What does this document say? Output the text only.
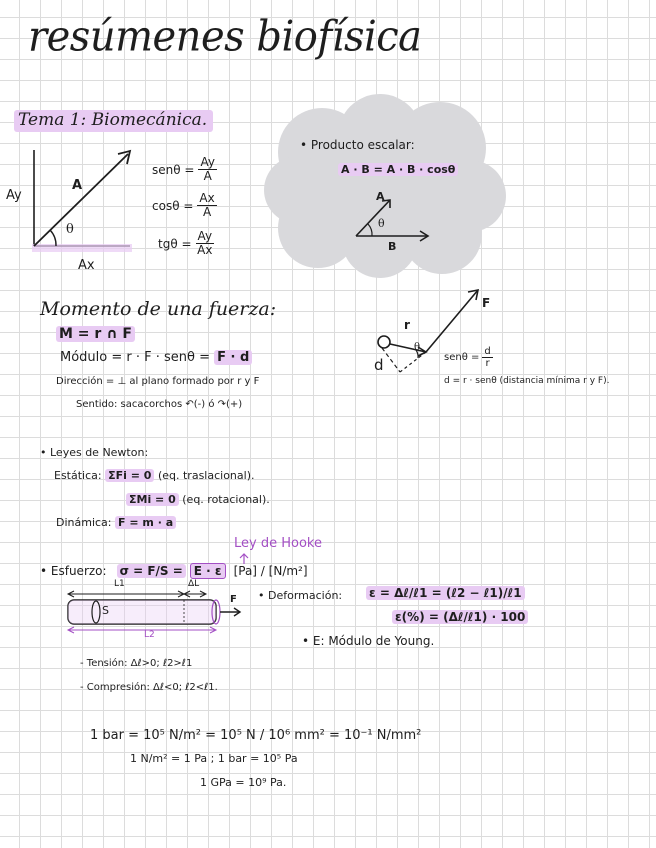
resúmenes biofísica
Tema 1: Biomecánica.
Ay
Ax
A
θ
$sen\theta = \frac{Ay}{A}$
$\cos\theta = \frac{Ax}{A}$
$tg\theta = \frac{Ay}{Ax}$
• Producto escalar:
A · B = A · B · cosθ
A
B
θ
Momento de una fuerza:
M = r ∩ F
Módulo = r · F · senθ = F · d
Dirección = ⊥ al plano formado por r y F
Sentido: sacacorchos ↶(-) ó ↷(+)
r
F
θ
d	$sen\theta = \frac{d}{r}$
d = r · senθ (distancia mínima r y F).
• Leyes de Newton:
Estática: ΣFi = 0 (eq. traslacional).
ΣMi = 0 (eq. rotacional).
Dinámica: F = m · a
Ley de Hooke
• Esfuerzo: σ = F/S = E · ε	[Pa] / [N/m²]
L1	ΔL
S
F
L2
• Deformación: ε = Δℓ/ℓ1 = (ℓ2 − ℓ1)/ℓ1
ε(%) = (Δℓ/ℓ1) · 100
• E: Módulo de Young.
- Tensión: Δℓ>0; ℓ2>ℓ1
- Compresión: Δℓ<0; ℓ2<ℓ1.
1 bar = 10⁵ N/m² = 10⁵ N / 10⁶ mm² = 10⁻¹ N/mm²
1 N/m² = 1 Pa ; 1 bar = 10⁵ Pa
1 GPa = 10⁹ Pa.
